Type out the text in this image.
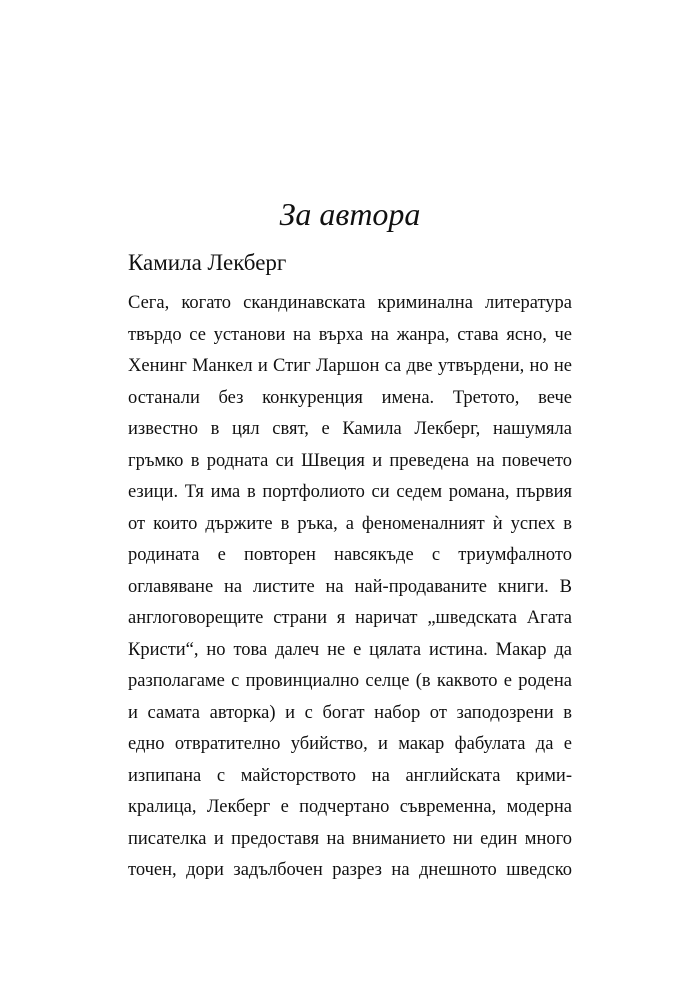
За автора
Камила Лекберг
Сега, когато скандинавската криминална литература
твърдо се установи на върха на жанра, става ясно, че
Хенинг Манкел и Стиг Ларшон са две утвърдени, но не
останали без конкуренция имена. Третото, вече
известно в цял свят, е Камила Лекберг, нашумяла
гръмко в родната си Швеция и преведена на повечето
езици. Тя има в портфолиото си седем романа, първия
от които държите в ръка, а феноменалният ѝ успех в
родината е повторен навсякъде с триумфалното
оглавяване на листите на най-продаваните книги. В
англоговорещите страни я наричат „шведската Агата
Кристи“, но това далеч не е цялата истина. Макар да
разполагаме с провинциално селце (в каквото е родена
и самата авторка) и с богат набор от заподозрени в
едно отвратително убийство, и макар фабулата да е
изпипана с майсторството на английската крими-
кралица, Лекберг е подчертано съвременна, модерна
писателка и предоставя на вниманието ни един много
точен, дори задълбочен разрез на днешното шведско
